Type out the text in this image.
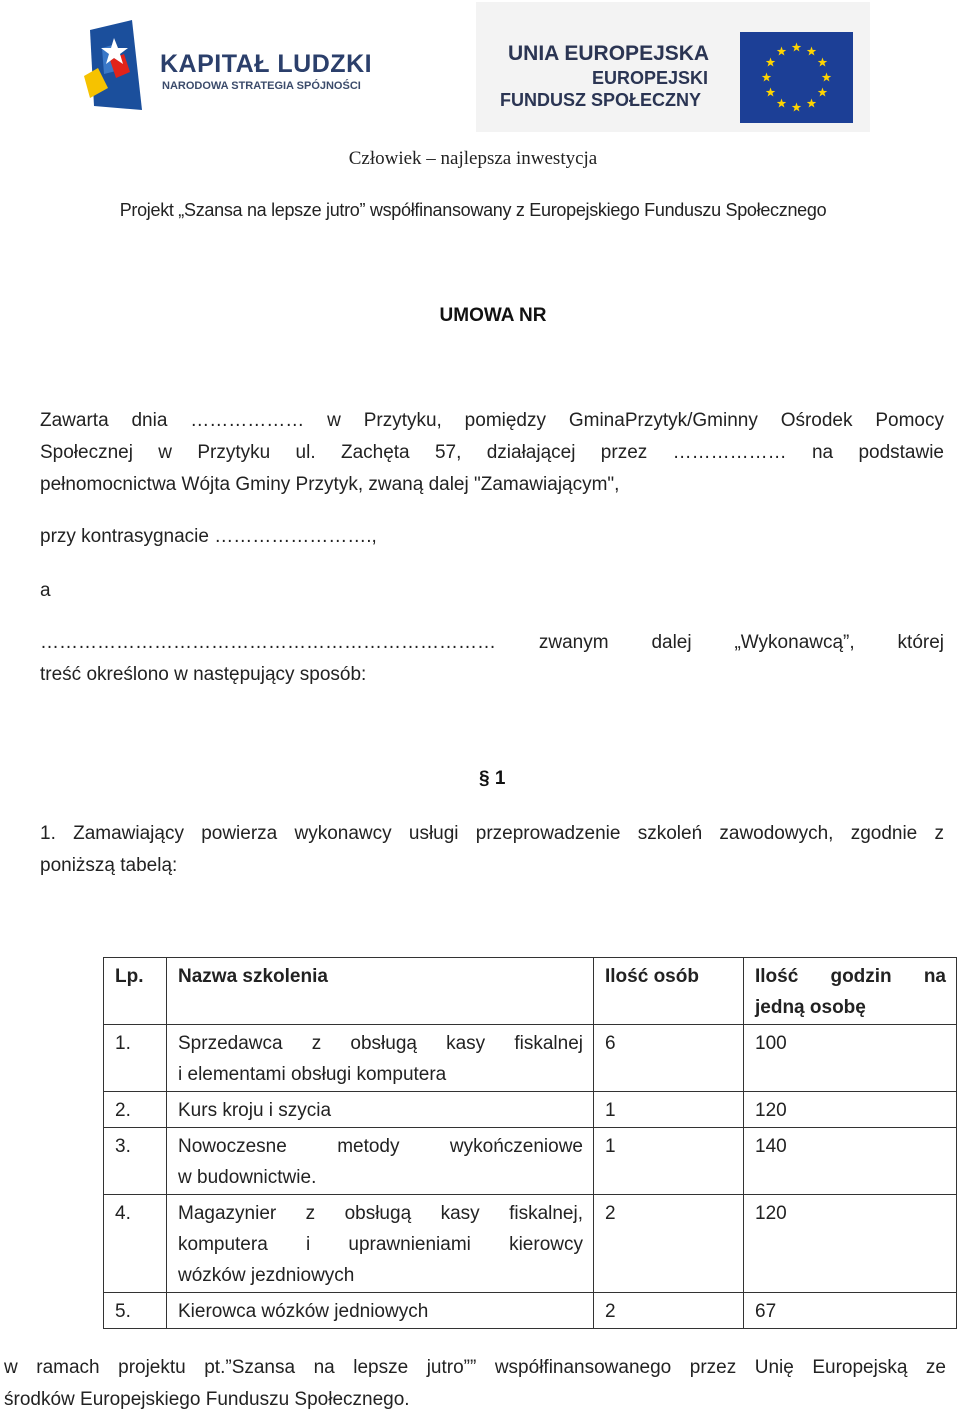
KAPITAŁ LUDZKI
NARODOWA STRATEGIA SPÓJNOŚCI
UNIA EUROPEJSKA
EUROPEJSKI
FUNDUSZ SPOŁECZNY
Człowiek – najlepsza inwestycja
Projekt „Szansa na lepsze jutro” współfinansowany z Europejskiego Funduszu Społecznego
UMOWA NR
Zawarta dnia ……………… w Przytyku, pomiędzy GminaPrzytyk/Gminny Ośrodek Pomocy
Społecznej w Przytyku ul. Zachęta 57, działającej przez ……………… na podstawie
pełnomocnictwa Wójta Gminy Przytyk, zwaną dalej "Zamawiającym",
przy kontrasygnacie …………………….,
a
……………………………………………………………… zwanym dalej „Wykonawcą”, której
treść określono w następujący sposób:
§ 1
1. Zamawiający powierza wykonawcy usługi przeprowadzenie szkoleń zawodowych, zgodnie z
poniższą tabelą:
Lp.	Nazwa szkolenia	Ilość osób	Ilość godzin na
jedną osobę

1.	Sprzedawca z obsługą kasy fiskalnej
i elementami obsługi komputera	6	100
2.	Kurs kroju i szycia	1	120
3.	Nowoczesne metody wykończeniowe
w budownictwie.	1	140
4.	Magazynier z obsługą kasy fiskalnej,
komputera i uprawnieniami kierowcy
wózków jezdniowych	2	120
5.	Kierowca wózków jedniowych	2	67
w ramach projektu pt.”Szansa na lepsze jutro”” współfinansowanego przez Unię Europejską ze
środków Europejskiego Funduszu Społecznego.
